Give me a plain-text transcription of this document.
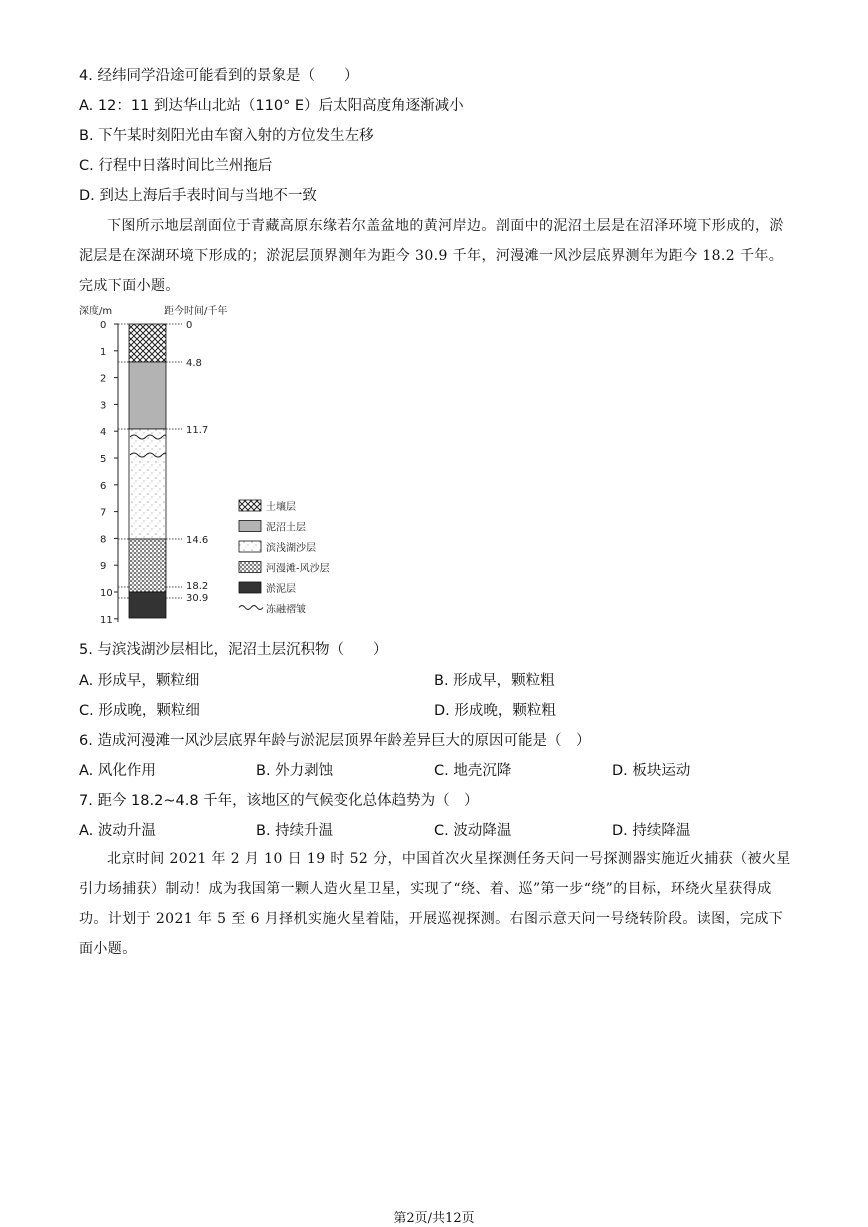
4. 经纬同学沿途可能看到的景象是（　　）
A. 12：11 到达华山北站（110° E）后太阳高度角逐渐减小
B. 下午某时刻阳光由车窗入射的方位发生左移
C. 行程中日落时间比兰州拖后
D. 到达上海后手表时间与当地不一致
下图所示地层剖面位于青藏高原东缘若尔盖盆地的黄河岸边。剖面中的泥沼土层是在沼泽环境下形成的，淤泥层是在深湖环境下形成的；淤泥层顶界测年为距今 30.9 千年，河漫滩一风沙层底界测年为距今 18.2 千年。完成下面小题。
深度/m	距今时间/千年
0
1
2
3
4
5
6
7
8
9
10
11
0
4.8
11.7
14.6
18.2
30.9
土壤层
泥沼土层
滨浅湖沙层
河漫滩-风沙层
淤泥层
冻融褶皱
5. 与滨浅湖沙层相比，泥沼土层沉积物（　　）
A. 形成早，颗粒细	B. 形成早，颗粒粗
C. 形成晚，颗粒细	D. 形成晚，颗粒粗
6. 造成河漫滩一风沙层底界年龄与淤泥层顶界年龄差异巨大的原因可能是（　）
A. 风化作用	B. 外力剥蚀	C. 地壳沉降	D. 板块运动
7. 距今 18.2~4.8 千年，该地区的气候变化总体趋势为（　）
A. 波动升温	B. 持续升温	C. 波动降温	D. 持续降温
北京时间 2021 年 2 月 10 日 19 时 52 分，中国首次火星探测任务天问一号探测器实施近火捕获（被火星引力场捕获）制动！成为我国第一颗人造火星卫星，实现了“绕、着、巡”第一步“绕”的目标，环绕火星获得成功。计划于 2021 年 5 至 6 月择机实施火星着陆，开展巡视探测。右图示意天问一号绕转阶段。读图，完成下面小题。
第2页/共12页
